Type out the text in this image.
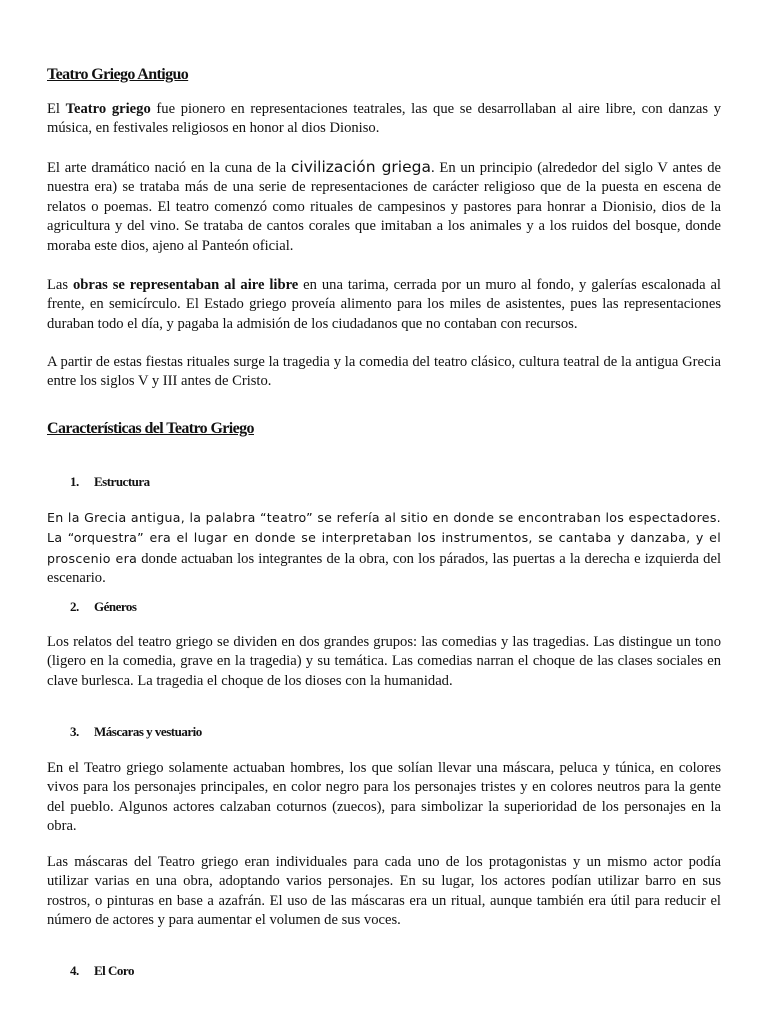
Teatro Griego Antiguo

El Teatro griego fue pionero en representaciones teatrales, las que se desarrollaban al aire libre, con danzas y música, en festivales religiosos en honor al dios Dioniso.

El arte dramático nació en la cuna de la civilización griega. En un principio (alrededor del siglo V antes de nuestra era) se trataba más de una serie de representaciones de carácter religioso que de la puesta en escena de relatos o poemas. El teatro comenzó como rituales de campesinos y pastores para honrar a Dionisio, dios de la agricultura y del vino. Se trataba de cantos corales que imitaban a los animales y a los ruidos del bosque, donde moraba este dios, ajeno al Panteón oficial.

Las obras se representaban al aire libre en una tarima, cerrada por un muro al fondo, y galerías escalonada al frente, en semicírculo. El Estado griego proveía alimento para los miles de asistentes, pues las representaciones duraban todo el día, y pagaba la admisión de los ciudadanos que no contaban con recursos.

A partir de estas fiestas rituales surge la tragedia y la comedia del teatro clásico, cultura teatral de la antigua Grecia entre los siglos V y III antes de Cristo.

Características del Teatro Griego
1. Estructura

En la Grecia antigua, la palabra “teatro” se refería al sitio en donde se encontraban los espectadores. La “orquestra” era el lugar en donde se interpretaban los instrumentos, se cantaba y danzaba, y el proscenio era donde actuaban los integrantes de la obra, con los párados, las puertas a la derecha e izquierda del escenario.

2. Géneros

Los relatos del teatro griego se dividen en dos grandes grupos: las comedias y las tragedias. Las distingue un tono (ligero en la comedia, grave en la tragedia) y su temática. Las comedias narran el choque de las clases sociales en clave burlesca. La tragedia el choque de los dioses con la humanidad.

3. Máscaras y vestuario

En el Teatro griego solamente actuaban hombres, los que solían llevar una máscara, peluca y túnica, en colores vivos para los personajes principales, en color negro para los personajes tristes y en colores neutros para la gente del pueblo. Algunos actores calzaban coturnos (zuecos), para simbolizar la superioridad de los personajes en la obra.

Las máscaras del Teatro griego eran individuales para cada uno de los protagonistas y un mismo actor podía utilizar varias en una obra, adoptando varios personajes. En su lugar, los actores podían utilizar barro en sus rostros, o pinturas en base a azafrán. El uso de las máscaras era un ritual, aunque también era útil para reducir el número de actores y para aumentar el volumen de sus voces.

4. El Coro
